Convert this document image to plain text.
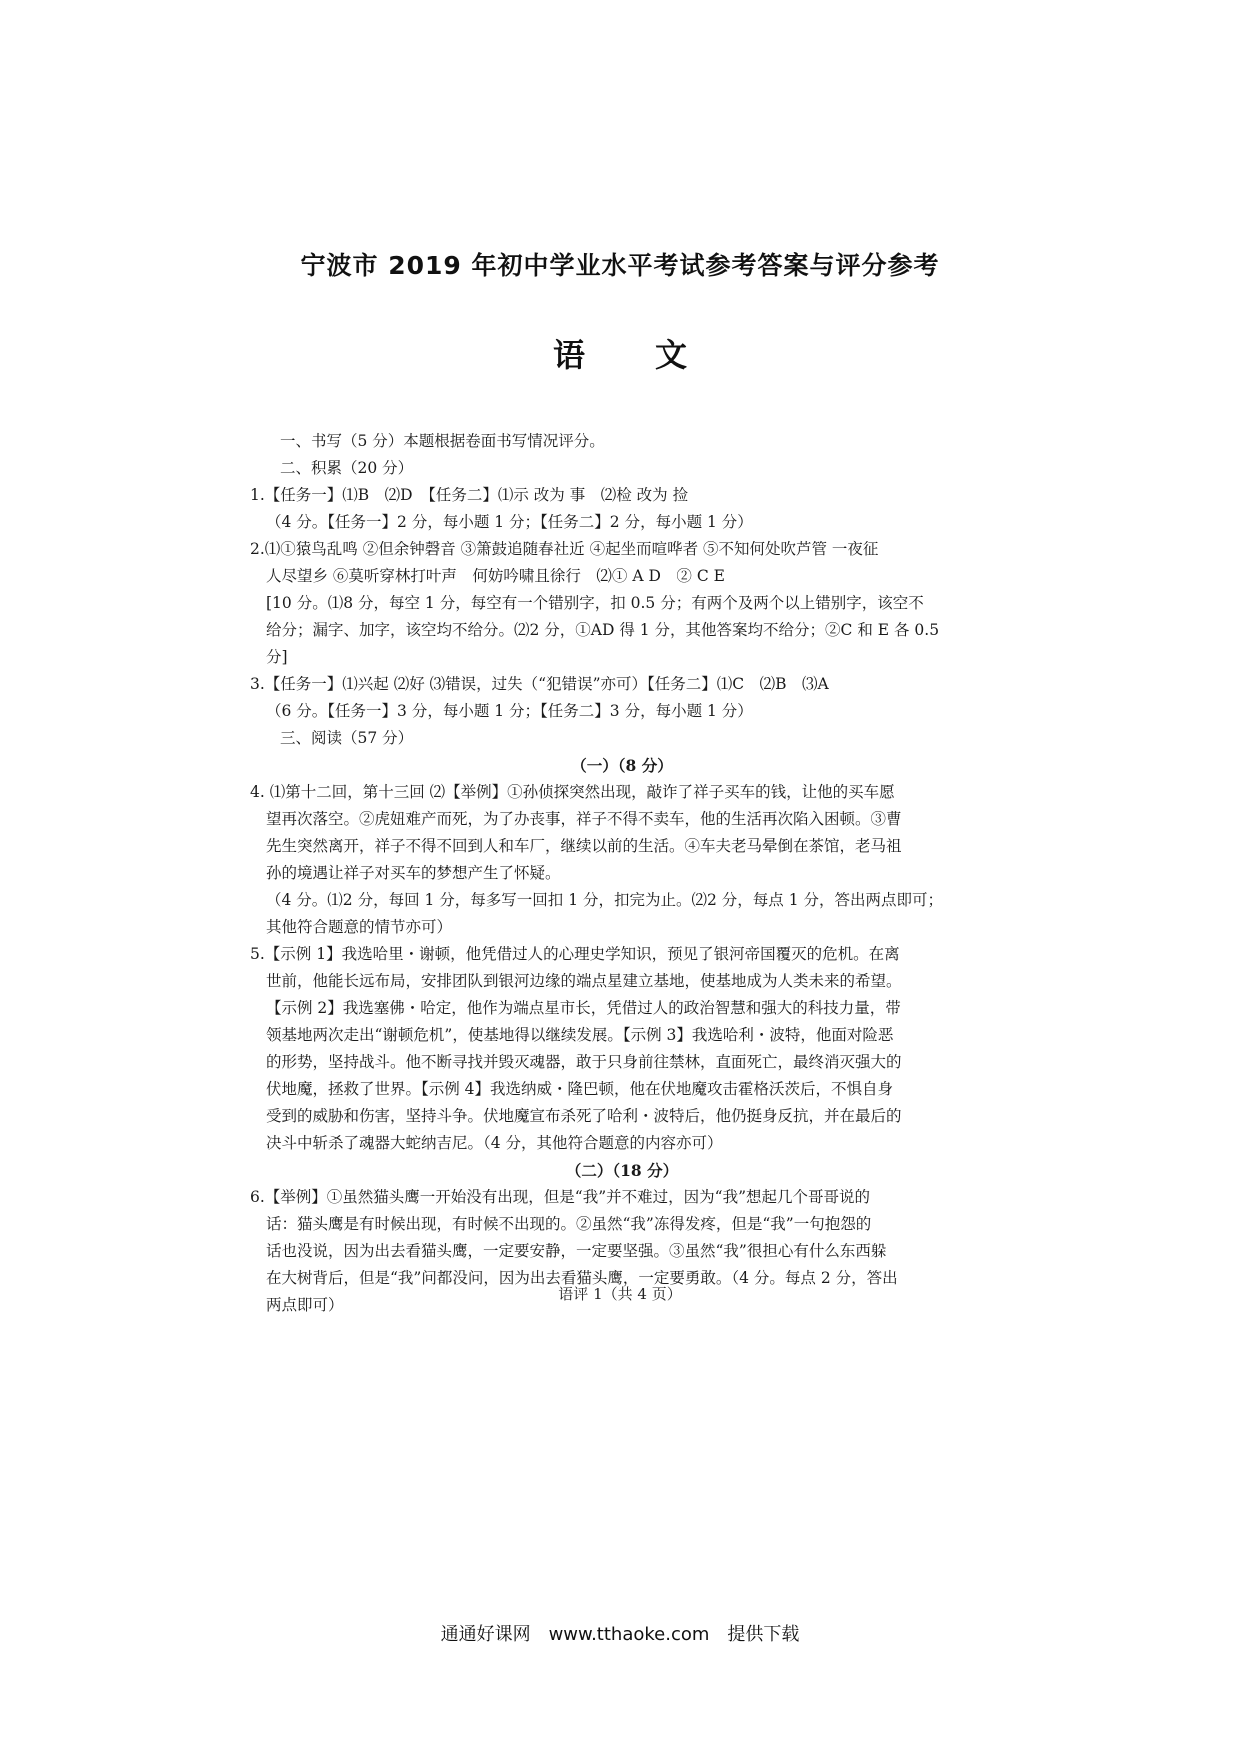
宁波市 2019 年初中学业水平考试参考答案与评分参考
语文
一、书写（5 分）本题根据卷面书写情况评分。
二、积累（20 分）
1.【任务一】⑴B　⑵D　【任务二】⑴示 改为 事　⑵检 改为 捡
（4 分。【任务一】2 分，每小题 1 分；【任务二】2 分，每小题 1 分）
2.⑴①猿鸟乱鸣 ②但余钟磬音 ③箫鼓追随春社近 ④起坐而喧哗者 ⑤不知何处吹芦管 一夜征
人尽望乡 ⑥莫听穿林打叶声　何妨吟啸且徐行　⑵① A D　② C E
[10 分。⑴8 分，每空 1 分，每空有一个错别字，扣 0.5 分；有两个及两个以上错别字，该空不
给分；漏字、加字，该空均不给分。⑵2 分，①AD 得 1 分，其他答案均不给分；②C 和 E 各 0.5
分]
3.【任务一】⑴兴起 ⑵好 ⑶错误，过失（“犯错误”亦可）【任务二】⑴C　⑵B　⑶A
（6 分。【任务一】3 分，每小题 1 分；【任务二】3 分，每小题 1 分）
三、阅读（57 分）
（一）（8 分）
4. ⑴第十二回，第十三回 ⑵【举例】①孙侦探突然出现，敲诈了祥子买车的钱，让他的买车愿
望再次落空。②虎妞难产而死，为了办丧事，祥子不得不卖车，他的生活再次陷入困顿。③曹
先生突然离开，祥子不得不回到人和车厂，继续以前的生活。④车夫老马晕倒在茶馆，老马祖
孙的境遇让祥子对买车的梦想产生了怀疑。
（4 分。⑴2 分，每回 1 分，每多写一回扣 1 分，扣完为止。⑵2 分，每点 1 分，答出两点即可；
其他符合题意的情节亦可）
5.【示例 1】我选哈里・谢顿，他凭借过人的心理史学知识，预见了银河帝国覆灭的危机。在离
世前，他能长远布局，安排团队到银河边缘的端点星建立基地，使基地成为人类未来的希望。
【示例 2】我选塞佛・哈定，他作为端点星市长，凭借过人的政治智慧和强大的科技力量，带
领基地两次走出“谢顿危机”，使基地得以继续发展。【示例 3】我选哈利・波特，他面对险恶
的形势，坚持战斗。他不断寻找并毁灭魂器，敢于只身前往禁林，直面死亡，最终消灭强大的
伏地魔，拯救了世界。【示例 4】我选纳威・隆巴顿，他在伏地魔攻击霍格沃茨后，不惧自身
受到的威胁和伤害，坚持斗争。伏地魔宣布杀死了哈利・波特后，他仍挺身反抗，并在最后的
决斗中斩杀了魂器大蛇纳吉尼。（4 分，其他符合题意的内容亦可）
（二）（18 分）
6.【举例】①虽然猫头鹰一开始没有出现，但是“我”并不难过，因为“我”想起几个哥哥说的
话：猫头鹰是有时候出现，有时候不出现的。②虽然“我”冻得发疼，但是“我”一句抱怨的
话也没说，因为出去看猫头鹰，一定要安静，一定要坚强。③虽然“我”很担心有什么东西躲
在大树背后，但是“我”问都没问，因为出去看猫头鹰，一定要勇敢。（4 分。每点 2 分，答出
两点即可）
语评 1（共 4 页）
通通好课网　www.tthaoke.com　提供下载
